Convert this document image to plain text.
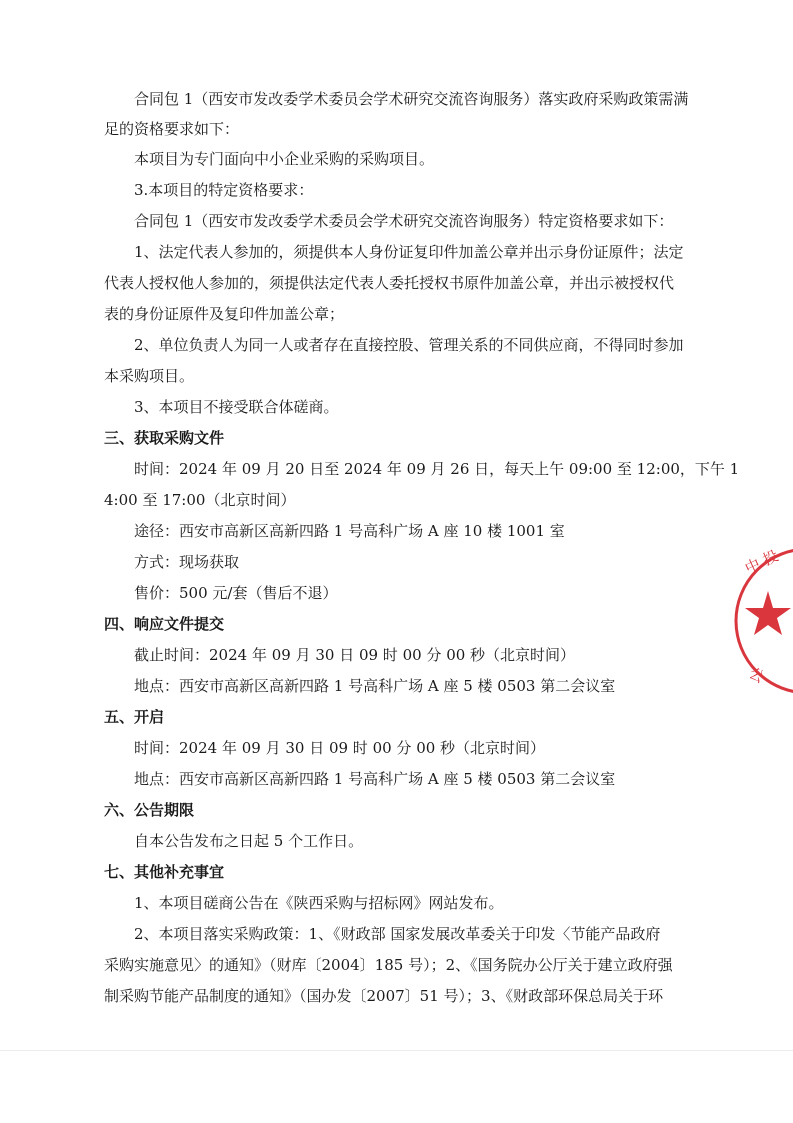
合同包 1（西安市发改委学术委员会学术研究交流咨询服务）落实政府采购政策需满
足的资格要求如下：
本项目为专门面向中小企业采购的采购项目。
3.本项目的特定资格要求：
合同包 1（西安市发改委学术委员会学术研究交流咨询服务）特定资格要求如下：
1、法定代表人参加的，须提供本人身份证复印件加盖公章并出示身份证原件；法定
代表人授权他人参加的，须提供法定代表人委托授权书原件加盖公章，并出示被授权代
表的身份证原件及复印件加盖公章；
2、单位负责人为同一人或者存在直接控股、管理关系的不同供应商，不得同时参加
本采购项目。
3、本项目不接受联合体磋商。
三、获取采购文件
时间：2024 年 09 月 20 日至 2024 年 09 月 26 日，每天上午 09:00 至 12:00，下午 1
4:00 至 17:00（北京时间）
途径：西安市高新区高新四路 1 号高科广场 A 座 10 楼 1001 室
方式：现场获取
售价：500 元/套（售后不退）
四、响应文件提交
截止时间：2024 年 09 月 30 日 09 时 00 分 00 秒（北京时间）
地点：西安市高新区高新四路 1 号高科广场 A 座 5 楼 0503 第二会议室
五、开启
时间：2024 年 09 月 30 日 09 时 00 分 00 秒（北京时间）
地点：西安市高新区高新四路 1 号高科广场 A 座 5 楼 0503 第二会议室
六、公告期限
自本公告发布之日起 5 个工作日。
七、其他补充事宜
1、本项目磋商公告在《陕西采购与招标网》网站发布。
2、本项目落实采购政策：1、《财政部 国家发展改革委关于印发〈节能产品政府
采购实施意见〉的通知》（财库〔2004〕185 号）；2、《国务院办公厅关于建立政府强
制采购节能产品制度的通知》（国办发〔2007〕51 号）；3、《财政部环保总局关于环
中 投
公
